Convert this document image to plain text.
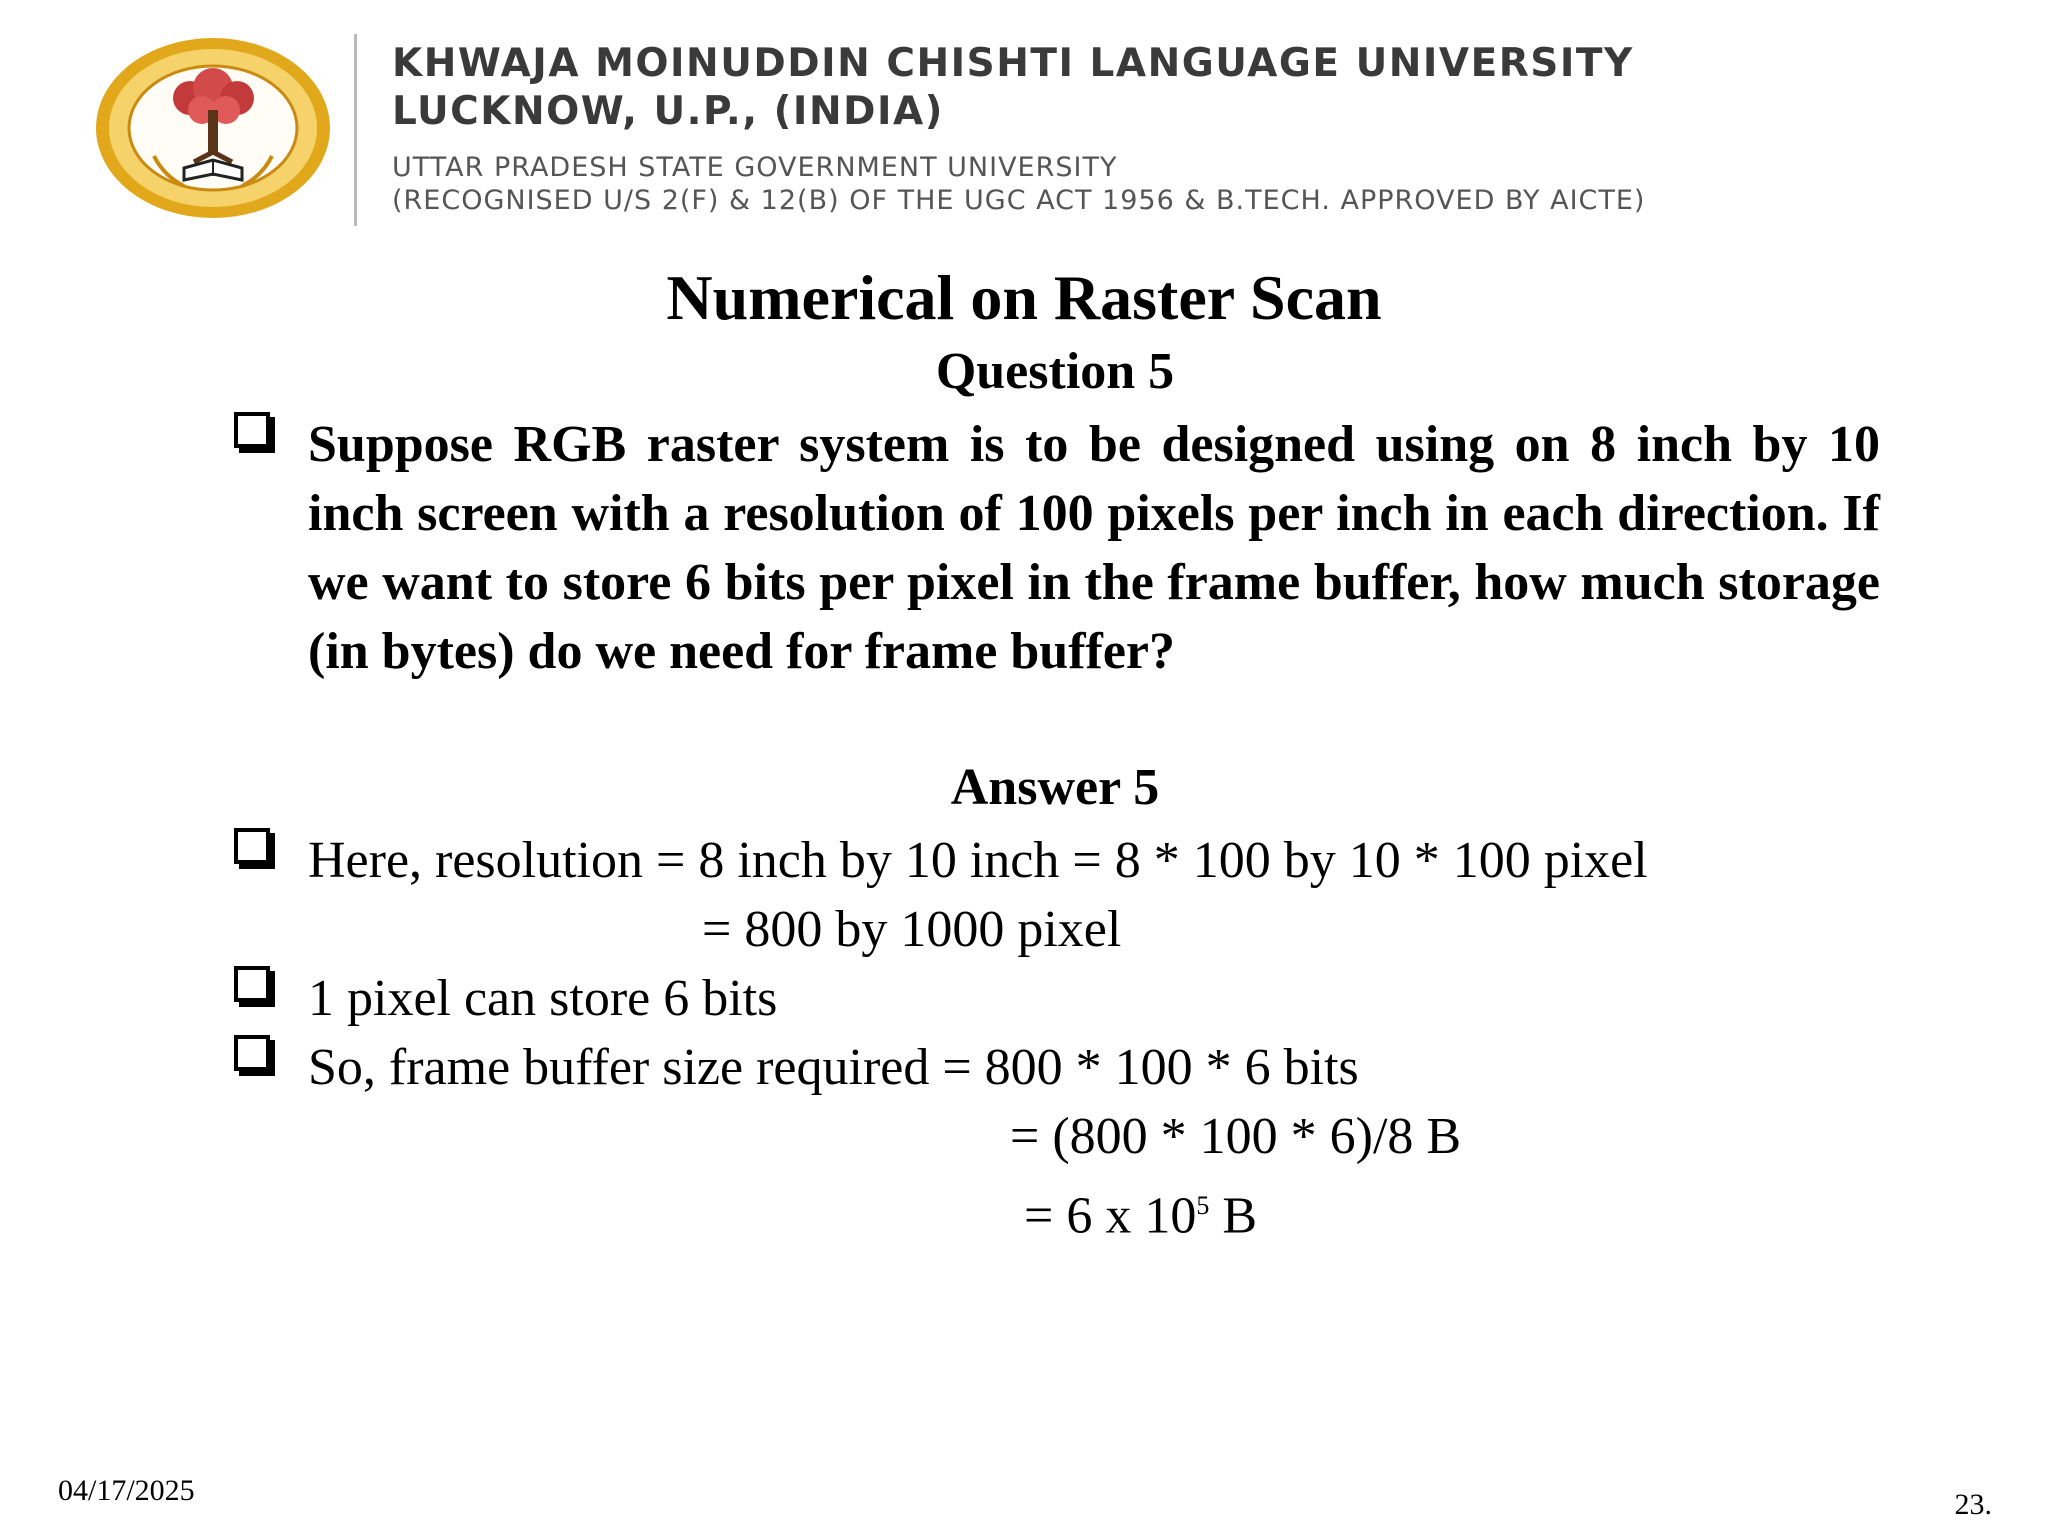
KHWAJA MOINUDDIN CHISHTI LANGUAGE UNIVERSITY
LUCKNOW, U.P., (INDIA)
UTTAR PRADESH STATE GOVERNMENT UNIVERSITY
(RECOGNISED U/S 2(F) & 12(B) OF THE UGC ACT 1956 & B.TECH. APPROVED BY AICTE)
Numerical on Raster Scan
Question 5
Suppose RGB raster system is to be designed using on 8 inch by 10 inch screen with a resolution of 100 pixels per inch in each direction. If we want to store 6 bits per pixel in the frame buffer, how much storage (in bytes) do we need for frame buffer?
Answer 5
Here, resolution = 8 inch by 10 inch = 8 * 100 by 10 * 100 pixel
= 800 by 1000 pixel
1 pixel can store 6 bits
So, frame buffer size required = 800 * 100 * 6 bits
= (800 * 100 * 6)/8 B
= 6 x $10^5$ B
04/17/2025	23.
